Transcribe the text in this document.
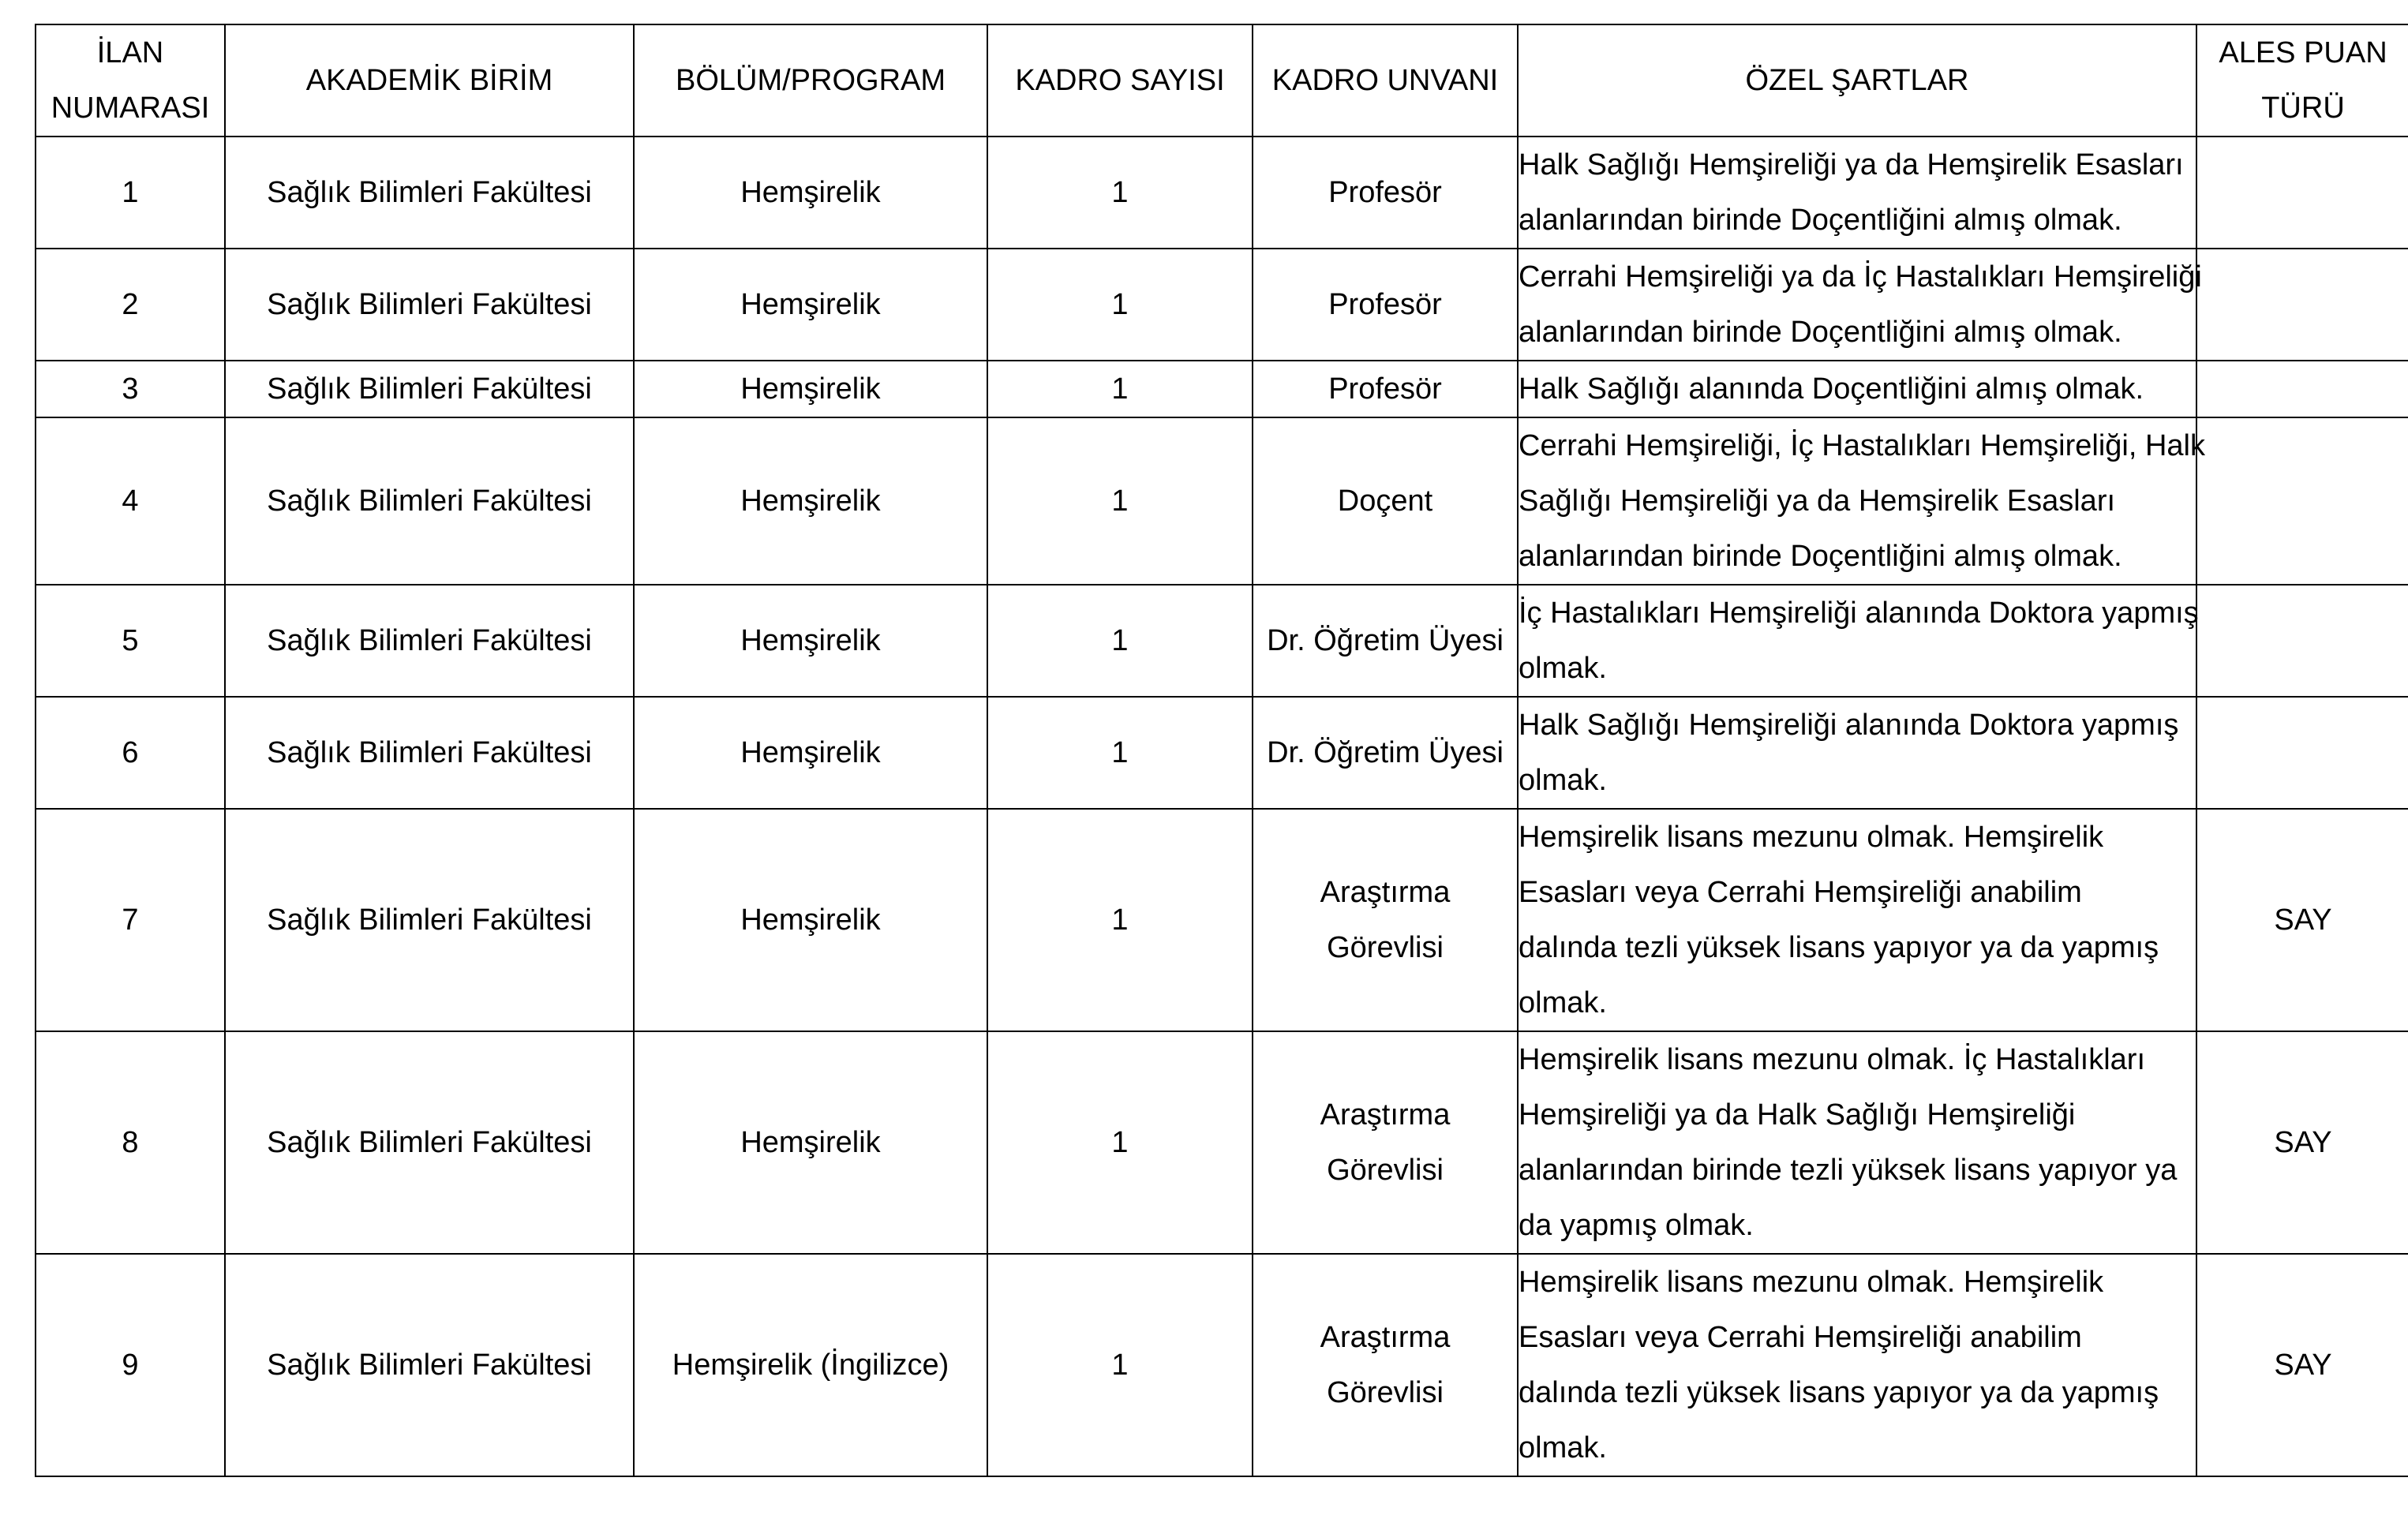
İLAN
NUMARASI	AKADEMİK BİRİM	BÖLÜM/PROGRAM	KADRO SAYISI	KADRO UNVANI	ÖZEL ŞARTLAR	ALES PUAN
TÜRÜ

1	Sağlık Bilimleri Fakültesi	Hemşirelik	1	Profesör	Halk Sağlığı Hemşireliği ya da Hemşirelik Esasları
alanlarından birinde Doçentliğini almış olmak.	

2	Sağlık Bilimleri Fakültesi	Hemşirelik	1	Profesör	Cerrahi Hemşireliği ya da İç Hastalıkları Hemşireliği
alanlarından birinde Doçentliğini almış olmak.	

3	Sağlık Bilimleri Fakültesi	Hemşirelik	1	Profesör	Halk Sağlığı alanında Doçentliğini almış olmak.	

4	Sağlık Bilimleri Fakültesi	Hemşirelik	1	Doçent	Cerrahi Hemşireliği, İç Hastalıkları Hemşireliği, Halk
Sağlığı Hemşireliği ya da Hemşirelik Esasları
alanlarından birinde Doçentliğini almış olmak.	

5	Sağlık Bilimleri Fakültesi	Hemşirelik	1	Dr. Öğretim Üyesi	İç Hastalıkları Hemşireliği alanında Doktora yapmış
olmak.	

6	Sağlık Bilimleri Fakültesi	Hemşirelik	1	Dr. Öğretim Üyesi	Halk Sağlığı Hemşireliği alanında Doktora yapmış
olmak.	

7	Sağlık Bilimleri Fakültesi	Hemşirelik	1	Araştırma
Görevlisi	Hemşirelik lisans mezunu olmak. Hemşirelik
Esasları veya Cerrahi Hemşireliği anabilim
dalında tezli yüksek lisans yapıyor ya da yapmış
olmak.	SAY
8	Sağlık Bilimleri Fakültesi	Hemşirelik	1	Araştırma
Görevlisi	Hemşirelik lisans mezunu olmak. İç Hastalıkları
Hemşireliği ya da Halk Sağlığı Hemşireliği
alanlarından birinde tezli yüksek lisans yapıyor ya
da yapmış olmak.	SAY
9	Sağlık Bilimleri Fakültesi	Hemşirelik (İngilizce)	1	Araştırma
Görevlisi	Hemşirelik lisans mezunu olmak. Hemşirelik
Esasları veya Cerrahi Hemşireliği anabilim
dalında tezli yüksek lisans yapıyor ya da yapmış
olmak.	SAY
